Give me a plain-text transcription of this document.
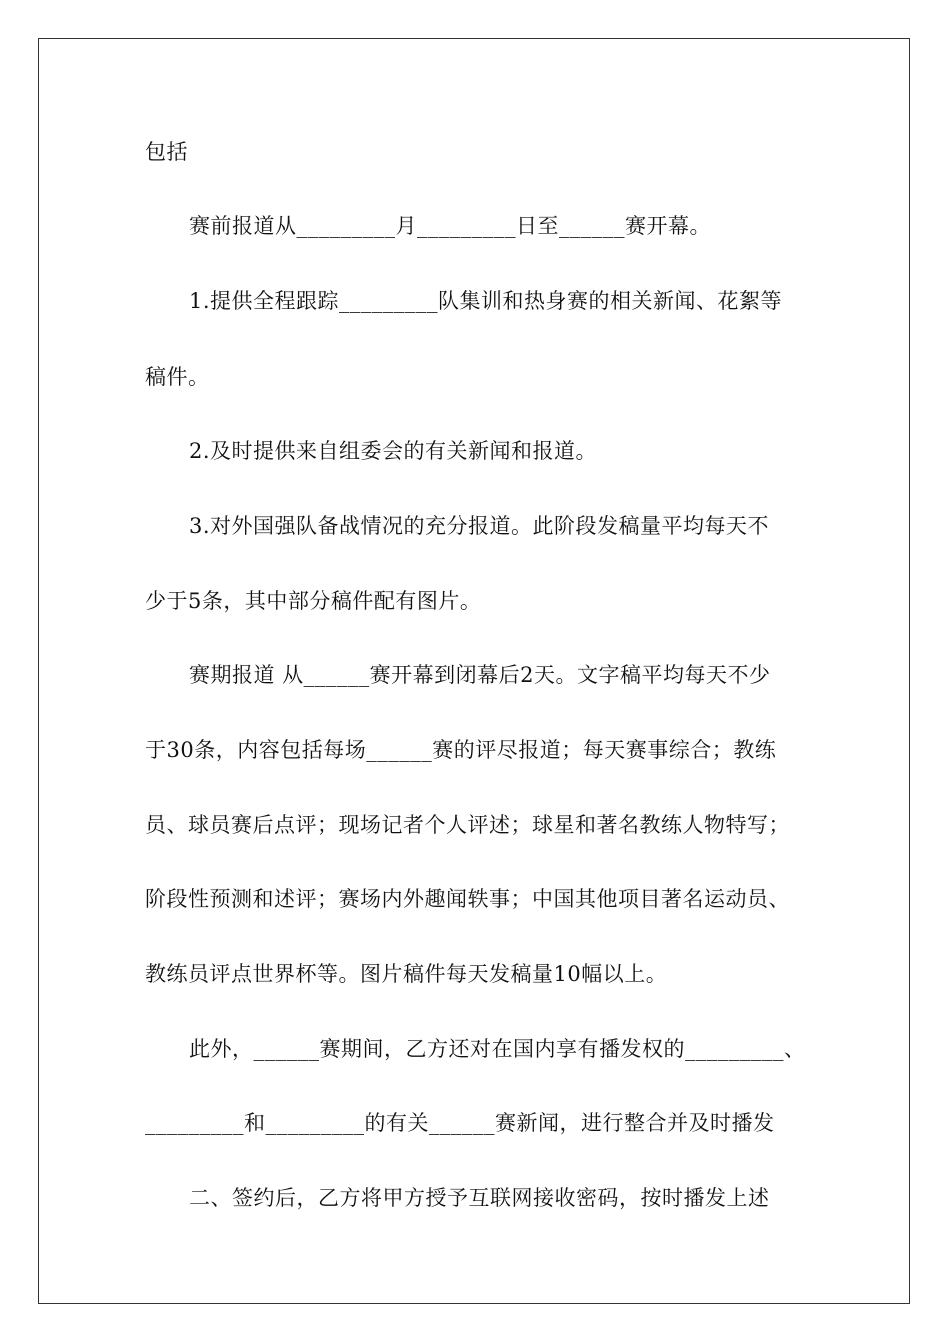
包括
赛前报道从_________月_________日至______赛开幕。
1.提供全程跟踪_________队集训和热身赛的相关新闻、花絮等
稿件。
2.及时提供来自组委会的有关新闻和报道。
3.对外国强队备战情况的充分报道。此阶段发稿量平均每天不
少于5条，其中部分稿件配有图片。
赛期报道 从______赛开幕到闭幕后2天。文字稿平均每天不少
于30条，内容包括每场______赛的评尽报道；每天赛事综合；教练
员、球员赛后点评；现场记者个人评述；球星和著名教练人物特写；
阶段性预测和述评；赛场内外趣闻轶事；中国其他项目著名运动员、
教练员评点世界杯等。图片稿件每天发稿量10幅以上。
此外，______赛期间，乙方还对在国内享有播发权的_________、
_________和_________的有关______赛新闻，进行整合并及时播发
二、签约后，乙方将甲方授予互联网接收密码，按时播发上述
